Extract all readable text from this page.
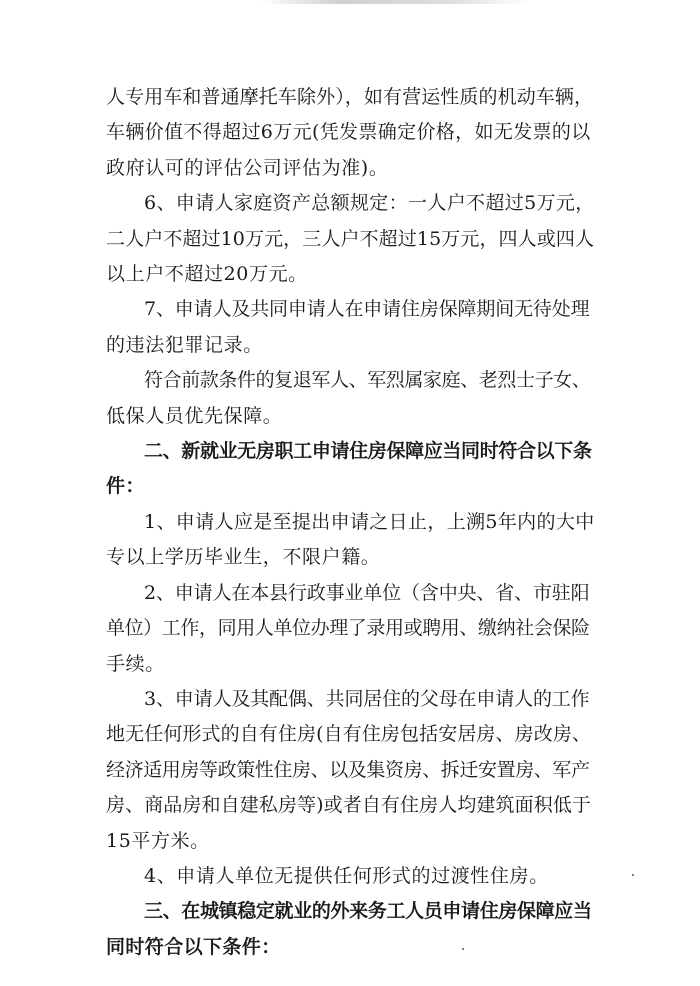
人专用车和普通摩托车除外），如有营运性质的机动车辆，

车辆价值不得超过6万元(凭发票确定价格，如无发票的以

政府认可的评估公司评估为准)。

6、申请人家庭资产总额规定：一人户不超过5万元，

二人户不超过10万元，三人户不超过15万元，四人或四人

以上户不超过20万元。

7、申请人及共同申请人在申请住房保障期间无待处理

的违法犯罪记录。

符合前款条件的复退军人、军烈属家庭、老烈士子女、

低保人员优先保障。

二、新就业无房职工申请住房保障应当同时符合以下条

件：

1、申请人应是至提出申请之日止，上溯5年内的大中

专以上学历毕业生，不限户籍。

2、申请人在本县行政事业单位（含中央、省、市驻阳

单位）工作，同用人单位办理了录用或聘用、缴纳社会保险

手续。

3、申请人及其配偶、共同居住的父母在申请人的工作

地无任何形式的自有住房(自有住房包括安居房、房改房、

经济适用房等政策性住房、以及集资房、拆迁安置房、军产

房、商品房和自建私房等)或者自有住房人均建筑面积低于

15平方米。

4、申请人单位无提供任何形式的过渡性住房。

三、在城镇稳定就业的外来务工人员申请住房保障应当

同时符合以下条件：
